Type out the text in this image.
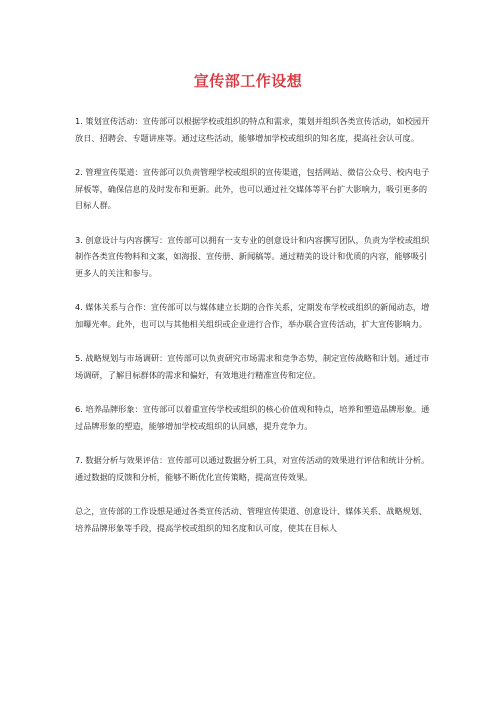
宣传部工作设想

1. 策划宣传活动：宣传部可以根据学校或组织的特点和需求，策划并组织各类宣传活动，如校园开放日、招聘会、专题讲座等。通过这些活动，能够增加学校或组织的知名度，提高社会认可度。

2. 管理宣传渠道：宣传部可以负责管理学校或组织的宣传渠道，包括网站、微信公众号、校内电子屏板等，确保信息的及时发布和更新。此外，也可以通过社交媒体等平台扩大影响力，吸引更多的目标人群。

3. 创意设计与内容撰写：宣传部可以拥有一支专业的创意设计和内容撰写团队，负责为学校或组织制作各类宣传物料和文案，如海报、宣传册、新闻稿等。通过精美的设计和优质的内容，能够吸引更多人的关注和参与。

4. 媒体关系与合作：宣传部可以与媒体建立长期的合作关系，定期发布学校或组织的新闻动态，增加曝光率。此外，也可以与其他相关组织或企业进行合作，举办联合宣传活动，扩大宣传影响力。

5. 战略规划与市场调研：宣传部可以负责研究市场需求和竞争态势，制定宣传战略和计划。通过市场调研，了解目标群体的需求和偏好，有效地进行精准宣传和定位。

6. 培养品牌形象：宣传部可以着重宣传学校或组织的核心价值观和特点，培养和塑造品牌形象。通过品牌形象的塑造，能够增加学校或组织的认同感，提升竞争力。

7. 数据分析与效果评估：宣传部可以通过数据分析工具，对宣传活动的效果进行评估和统计分析。通过数据的反馈和分析，能够不断优化宣传策略，提高宣传效果。

总之，宣传部的工作设想是通过各类宣传活动、管理宣传渠道、创意设计、媒体关系、战略规划、培养品牌形象等手段，提高学校或组织的知名度和认可度，使其在目标人
